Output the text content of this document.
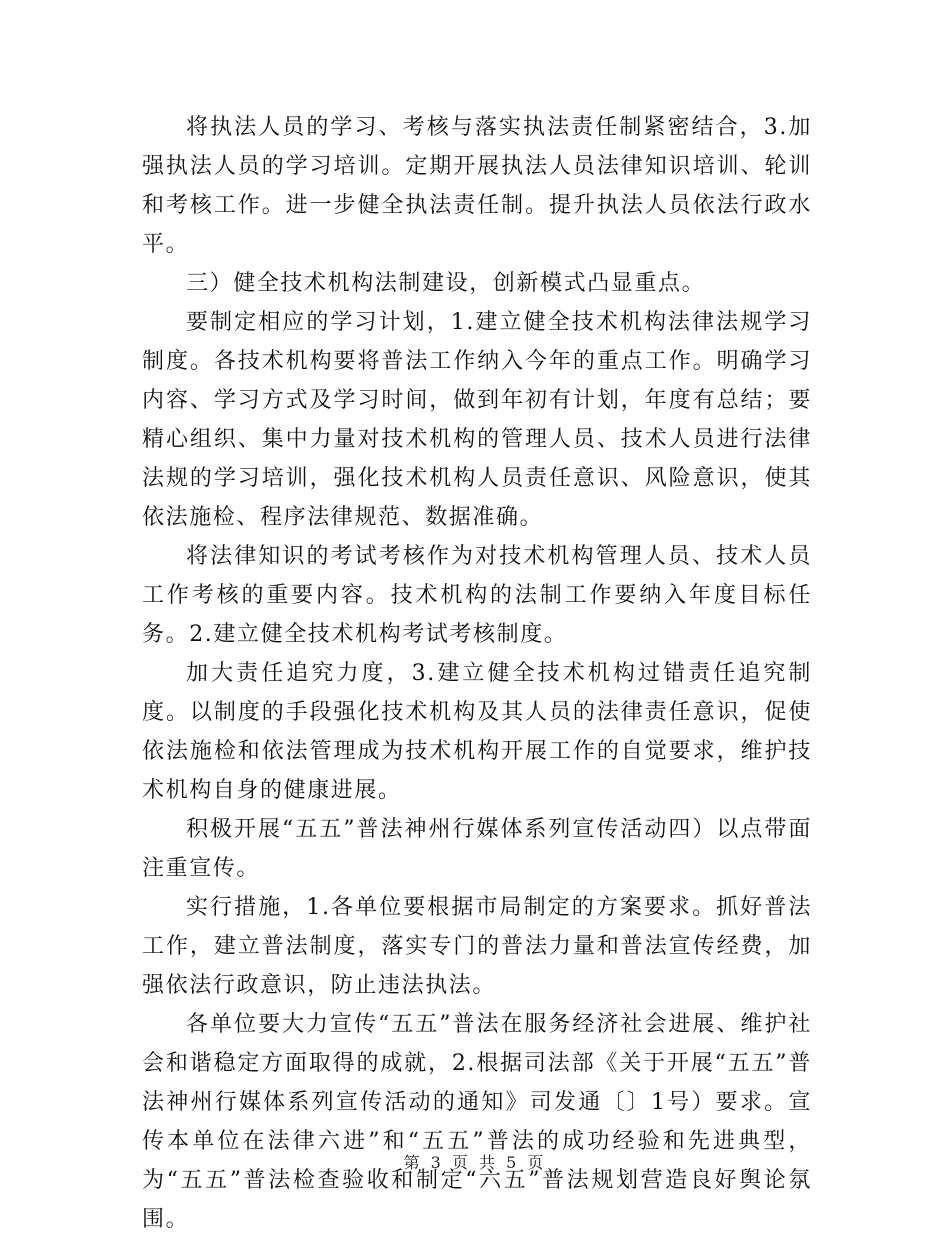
将执法人员的学习、考核与落实执法责任制紧密结合，3.加强执法人员的学习培训。定期开展执法人员法律知识培训、轮训和考核工作。进一步健全执法责任制。提升执法人员依法行政水平。

三）健全技术机构法制建设，创新模式凸显重点。

要制定相应的学习计划，1.建立健全技术机构法律法规学习制度。各技术机构要将普法工作纳入今年的重点工作。明确学习内容、学习方式及学习时间，做到年初有计划，年度有总结；要精心组织、集中力量对技术机构的管理人员、技术人员进行法律法规的学习培训，强化技术机构人员责任意识、风险意识，使其依法施检、程序法律规范、数据准确。

将法律知识的考试考核作为对技术机构管理人员、技术人员工作考核的重要内容。技术机构的法制工作要纳入年度目标任务。2.建立健全技术机构考试考核制度。

加大责任追究力度，3.建立健全技术机构过错责任追究制度。以制度的手段强化技术机构及其人员的法律责任意识，促使依法施检和依法管理成为技术机构开展工作的自觉要求，维护技术机构自身的健康进展。

积极开展“五五”普法神州行媒体系列宣传活动四）以点带面注重宣传。

实行措施，1.各单位要根据市局制定的方案要求。抓好普法工作，建立普法制度，落实专门的普法力量和普法宣传经费，加强依法行政意识，防止违法执法。

各单位要大力宣传“五五”普法在服务经济社会进展、维护社会和谐稳定方面取得的成就，2.根据司法部《关于开展“五五”普法神州行媒体系列宣传活动的通知》司发通〔〕1号）要求。宣传本单位在法律六进”和“五五”普法的成功经验和先进典型，为“五五”普法检查验收和制定“六五”普法规划营造良好舆论氛围。

第 3 页 共 5 页
